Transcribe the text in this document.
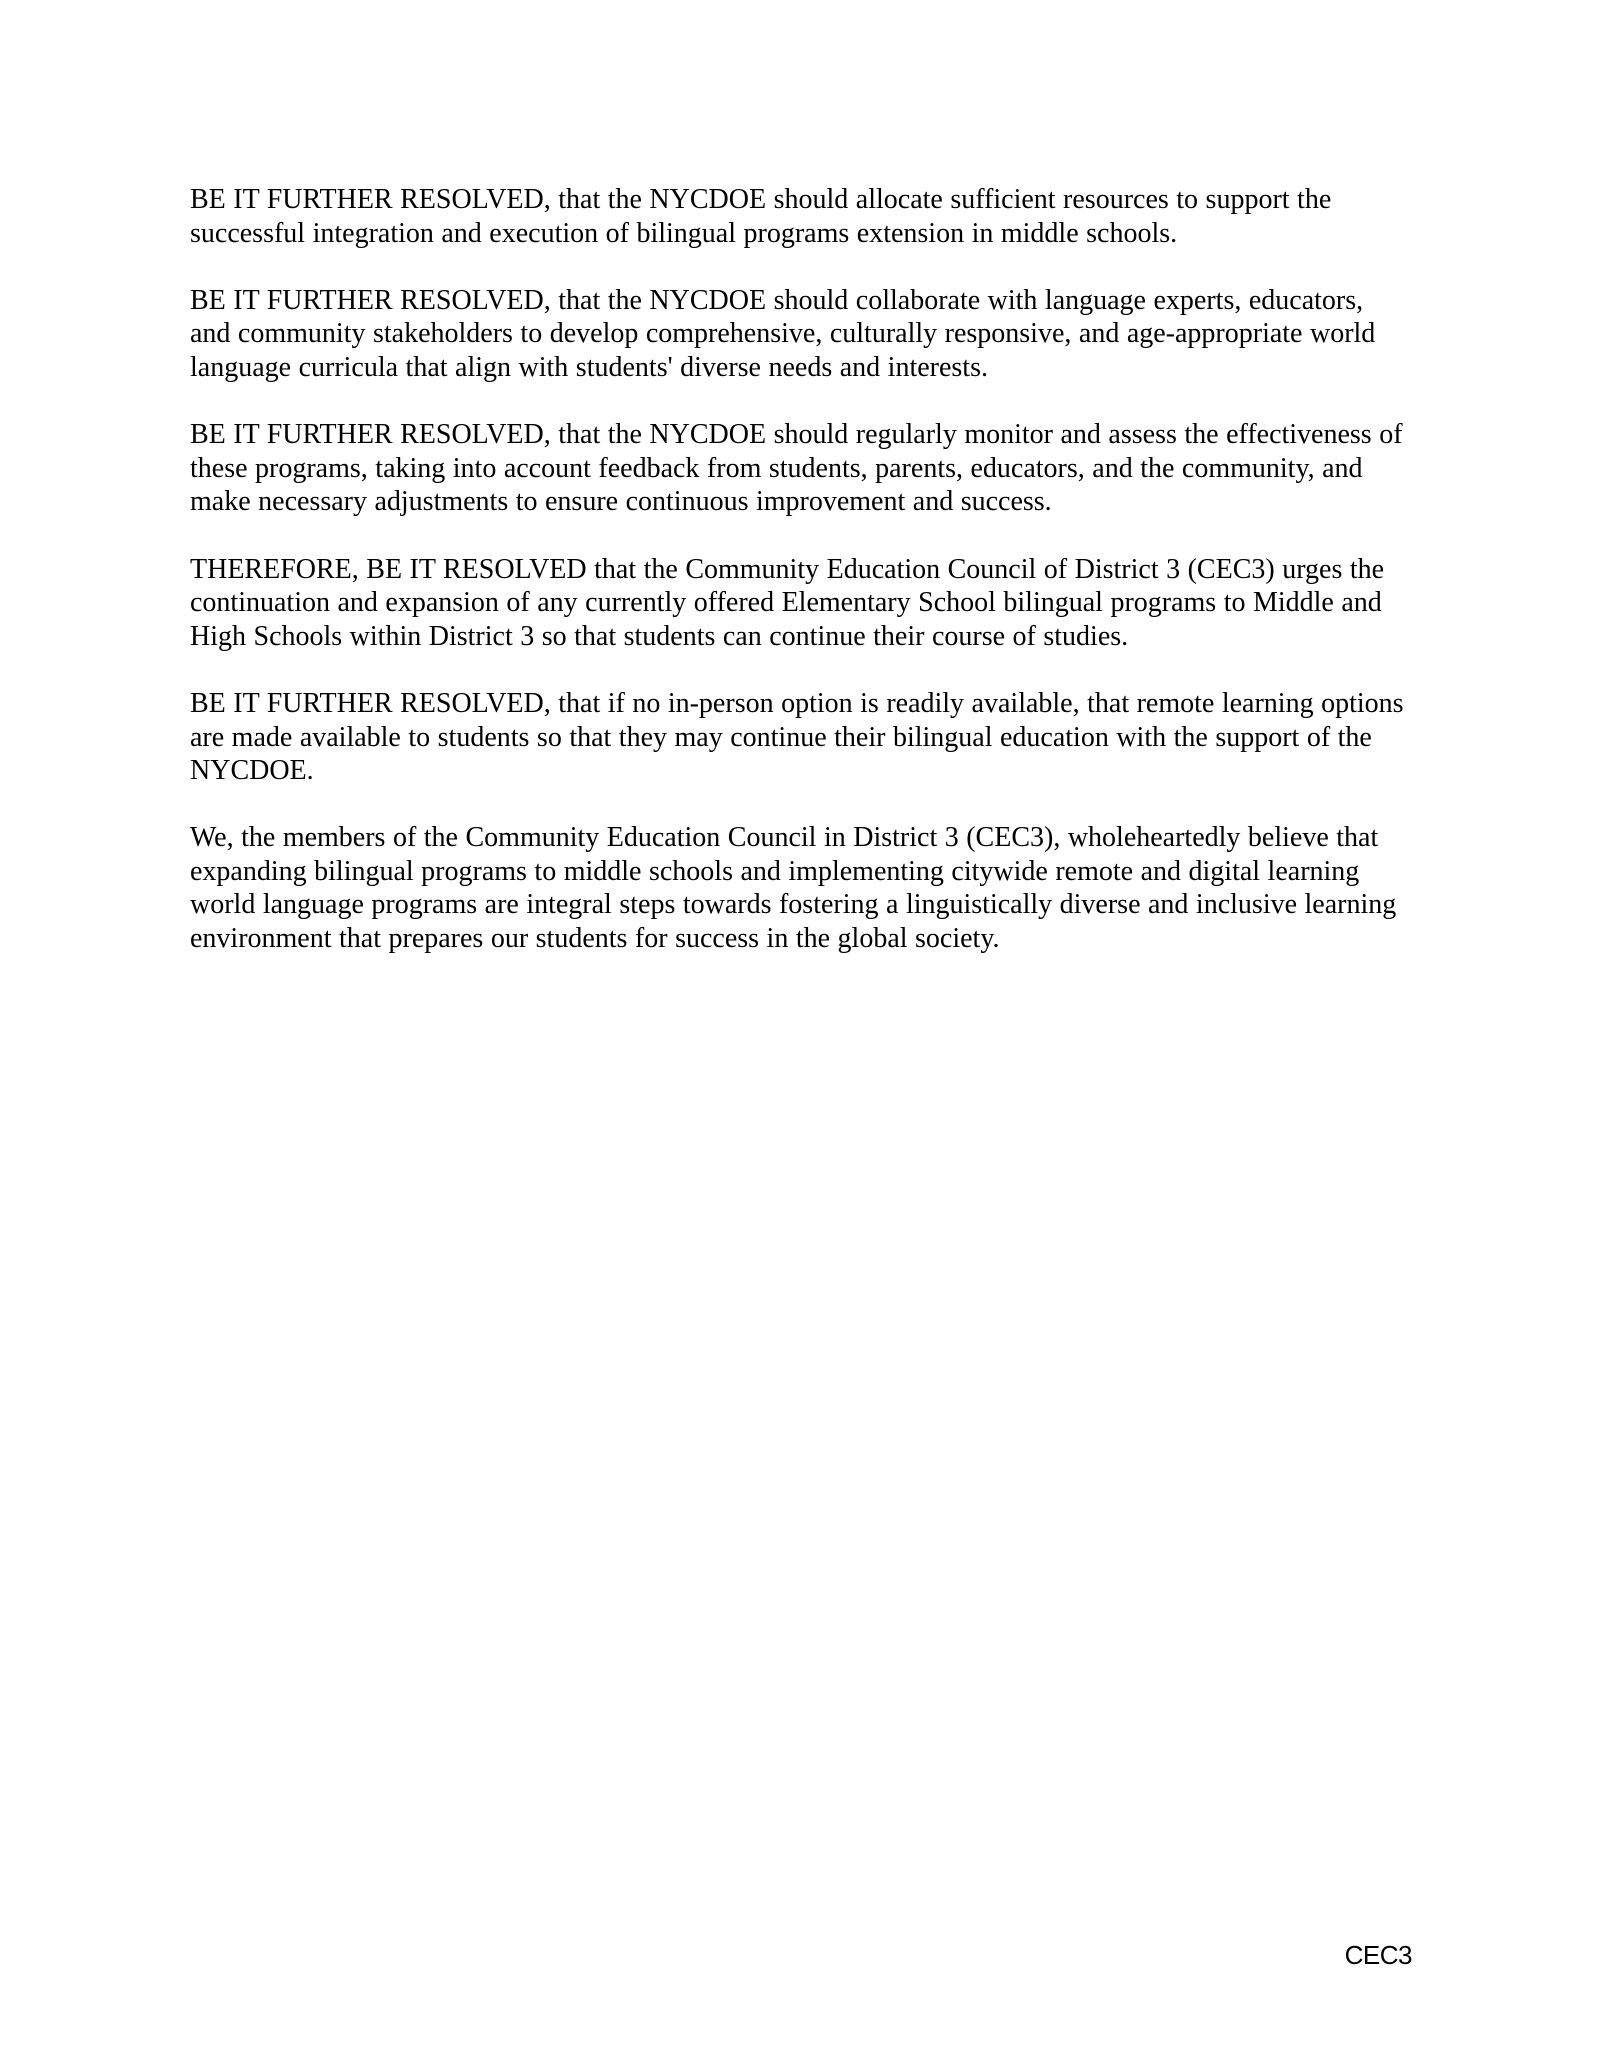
BE IT FURTHER RESOLVED, that the NYCDOE should allocate sufficient resources to support the successful integration and execution of bilingual programs extension in middle schools.

BE IT FURTHER RESOLVED, that the NYCDOE should collaborate with language experts, educators, and community stakeholders to develop comprehensive, culturally responsive, and age-appropriate world language curricula that align with students' diverse needs and interests.

BE IT FURTHER RESOLVED, that the NYCDOE should regularly monitor and assess the effectiveness of these programs, taking into account feedback from students, parents, educators, and the community, and make necessary adjustments to ensure continuous improvement and success.

THEREFORE, BE IT RESOLVED that the Community Education Council of District 3 (CEC3) urges the continuation and expansion of any currently offered Elementary School bilingual programs to Middle and High Schools within District 3 so that students can continue their course of studies.

BE IT FURTHER RESOLVED, that if no in-person option is readily available, that remote learning options are made available to students so that they may continue their bilingual education with the support of the NYCDOE.

We, the members of the Community Education Council in District 3 (CEC3), wholeheartedly believe that expanding bilingual programs to middle schools and implementing citywide remote and digital learning world language programs are integral steps towards fostering a linguistically diverse and inclusive learning environment that prepares our students for success in the global society.

CEC3
